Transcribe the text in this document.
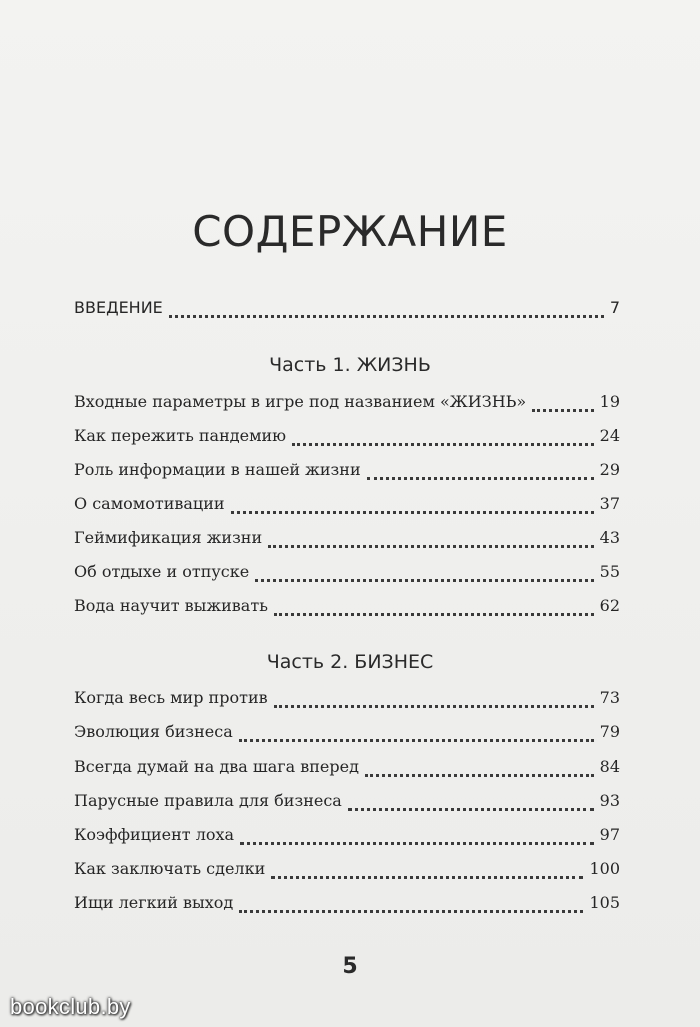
СОДЕРЖАНИЕ
ВВЕДЕНИЕ	7
Часть 1. ЖИЗНЬ
Входные параметры в игре под названием «ЖИЗНЬ»	19
Как пережить пандемию	24
Роль информации в нашей жизни	29
О самомотивации	37
Геймификация жизни	43
Об отдыхе и отпуске	55
Вода научит выживать	62
Часть 2. БИЗНЕС
Когда весь мир против	73
Эволюция бизнеса	79
Всегда думай на два шага вперед	84
Парусные правила для бизнеса	93
Коэффициент лоха	97
Как заключать сделки	100
Ищи легкий выход	105
5
bookclub.by
